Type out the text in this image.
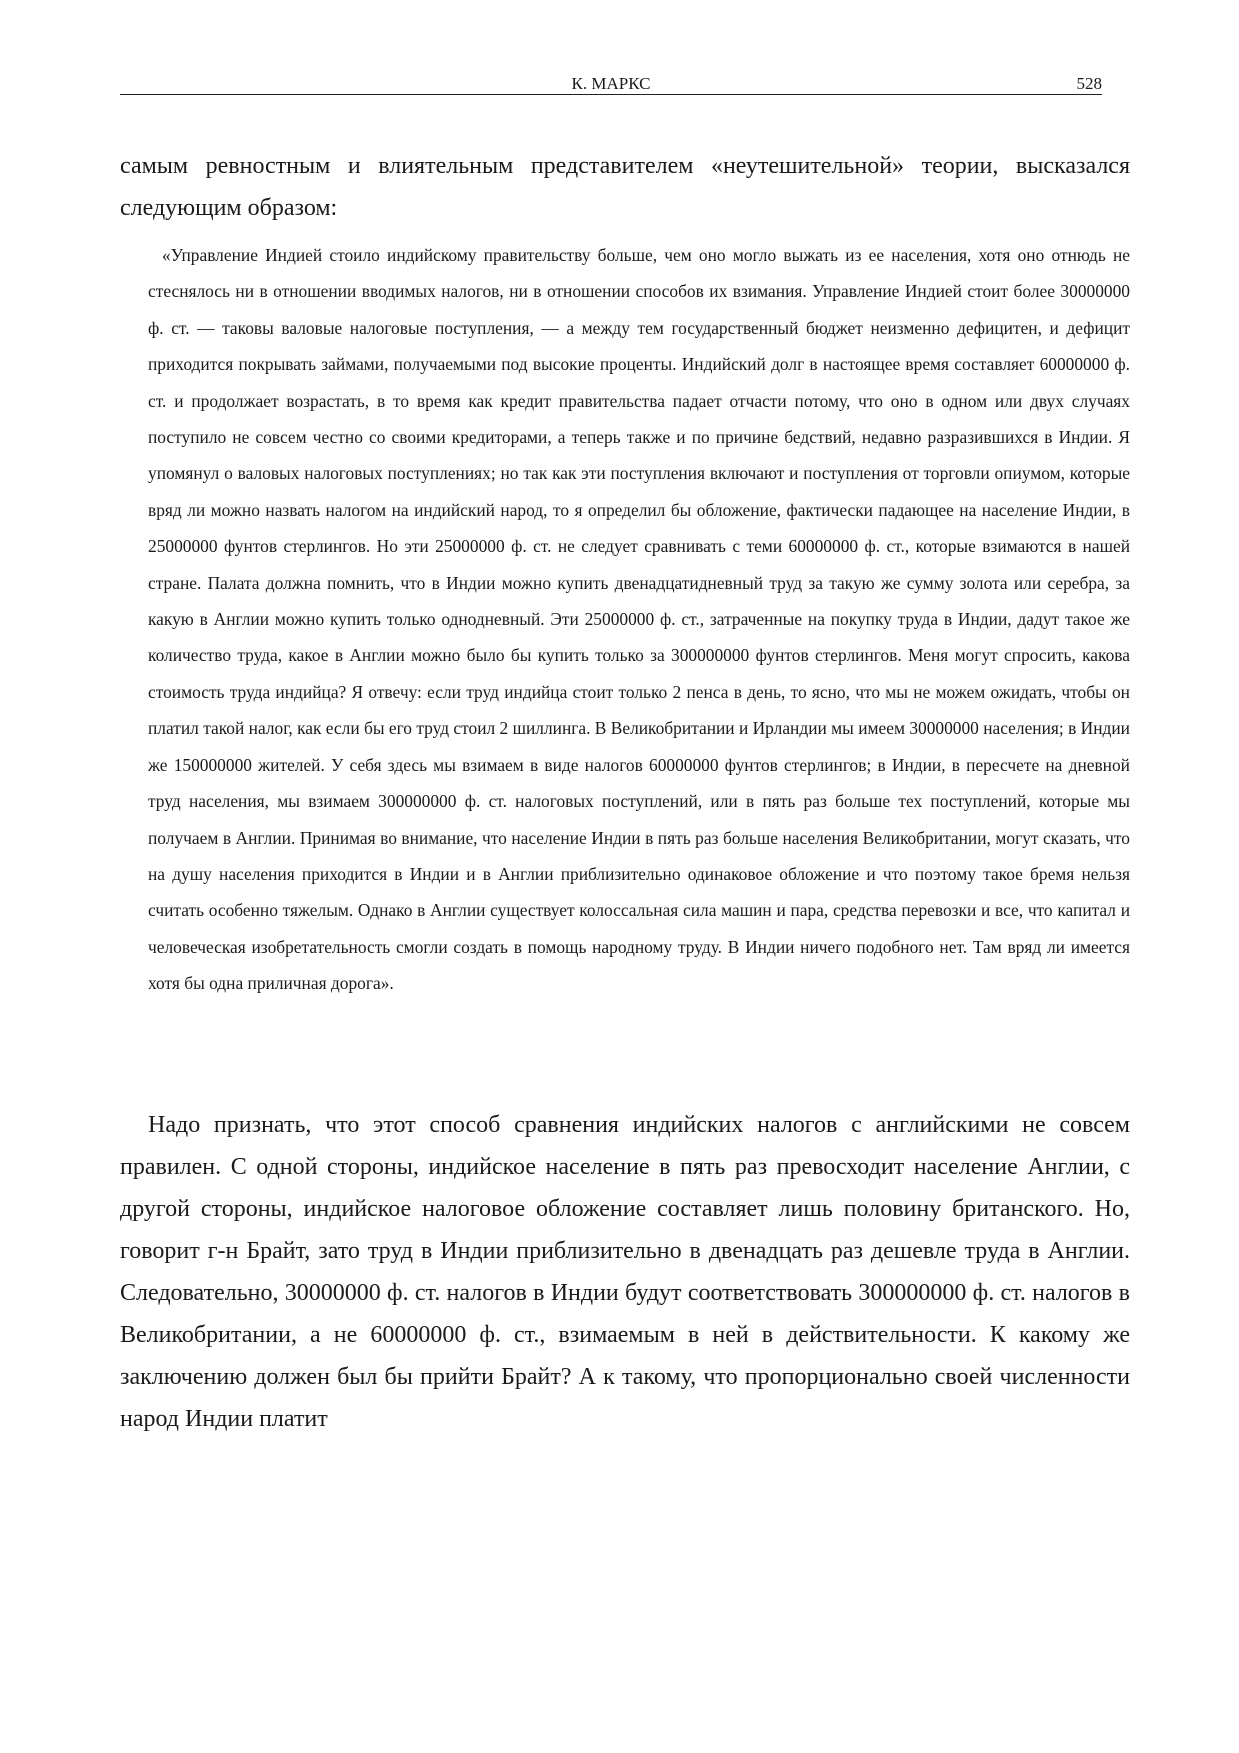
К. МАРКС	528

самым ревностным и влиятельным представителем «неутешительной» теории, высказался следующим образом:

«Управление Индией стоило индийскому правительству больше, чем оно могло выжать из ее населения, хотя оно отнюдь не стеснялось ни в отношении вводимых налогов, ни в отношении способов их взимания. Управление Индией стоит более 30000000 ф. ст. — таковы валовые налоговые поступления, — а между тем государственный бюджет неизменно дефицитен, и дефицит приходится покрывать займами, получаемыми под высокие проценты. Индийский долг в настоящее время составляет 60000000 ф. ст. и продолжает возрастать, в то время как кредит правительства падает отчасти потому, что оно в одном или двух случаях поступило не совсем честно со своими кредиторами, а теперь также и по причине бедствий, недавно разразившихся в Индии. Я упомянул о валовых налоговых поступлениях; но так как эти поступления включают и поступления от торговли опиумом, которые вряд ли можно назвать налогом на индийский народ, то я определил бы обложение, фактически падающее на население Индии, в 25000000 фунтов стерлингов. Но эти 25000000 ф. ст. не следует сравнивать с теми 60000000 ф. ст., которые взимаются в нашей стране. Палата должна помнить, что в Индии можно купить двенадцатидневный труд за такую же сумму золота или серебра, за какую в Англии можно купить только однодневный. Эти 25000000 ф. ст., затраченные на покупку труда в Индии, дадут такое же количество труда, какое в Англии можно было бы купить только за 300000000 фунтов стерлингов. Меня могут спросить, какова стоимость труда индийца? Я отвечу: если труд индийца стоит только 2 пенса в день, то ясно, что мы не можем ожидать, чтобы он платил такой налог, как если бы его труд стоил 2 шиллинга. В Великобритании и Ирландии мы имеем 30000000 населения; в Индии же 150000000 жителей. У себя здесь мы взимаем в виде налогов 60000000 фунтов стерлингов; в Индии, в пересчете на дневной труд населения, мы взимаем 300000000 ф. ст. налоговых поступлений, или в пять раз больше тех поступлений, которые мы получаем в Англии. Принимая во внимание, что население Индии в пять раз больше населения Великобритании, могут сказать, что на душу населения приходится в Индии и в Англии приблизительно одинаковое обложение и что поэтому такое бремя нельзя считать особенно тяжелым. Однако в Англии существует колоссальная сила машин и пара, средства перевозки и все, что капитал и человеческая изобретательность смогли создать в помощь народному труду. В Индии ничего подобного нет. Там вряд ли имеется хотя бы одна приличная дорога».

Надо признать, что этот способ сравнения индийских налогов с английскими не совсем правилен. С одной стороны, индийское население в пять раз превосходит население Англии, с другой стороны, индийское налоговое обложение составляет лишь половину британского. Но, говорит г-н Брайт, зато труд в Индии приблизительно в двенадцать раз дешевле труда в Англии. Следовательно, 30000000 ф. ст. налогов в Индии будут соответствовать 300000000 ф. ст. налогов в Великобритании, а не 60000000 ф. ст., взимаемым в ней в действительности. К какому же заключению должен был бы прийти Брайт? А к такому, что пропорционально своей численности народ Индии платит
